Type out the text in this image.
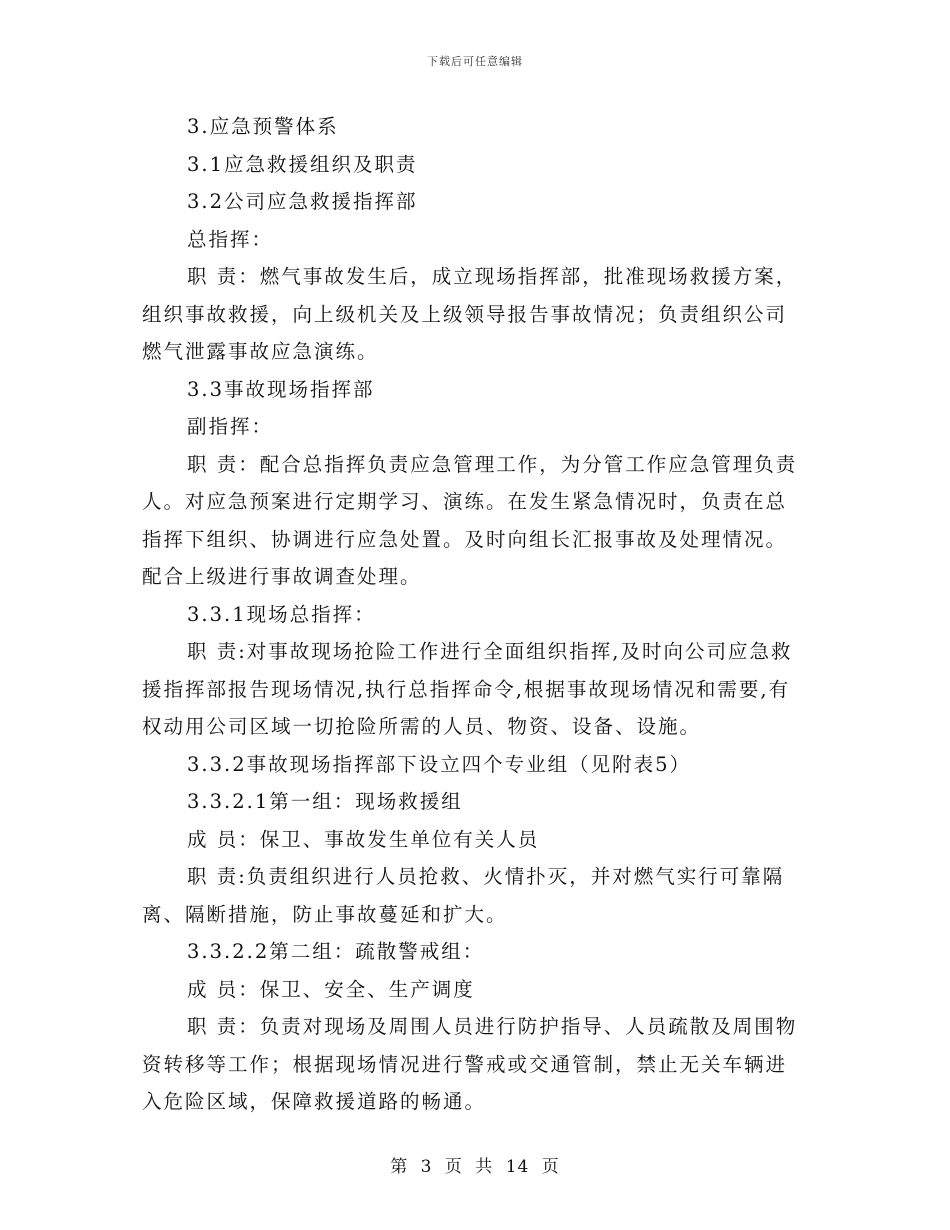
下载后可任意编辑

3.应急预警体系

3.1应急救援组织及职责

3.2公司应急救援指挥部

总指挥：

职 责：燃气事故发生后，成立现场指挥部，批准现场救援方案，组织事故救援，向上级机关及上级领导报告事故情况；负责组织公司燃气泄露事故应急演练。

3.3事故现场指挥部

副指挥：

职 责：配合总指挥负责应急管理工作，为分管工作应急管理负责人。对应急预案进行定期学习、演练。在发生紧急情况时，负责在总指挥下组织、协调进行应急处置。及时向组长汇报事故及处理情况。

配合上级进行事故调查处理。

3.3.1现场总指挥：

职 责:对事故现场抢险工作进行全面组织指挥,及时向公司应急救援指挥部报告现场情况,执行总指挥命令,根据事故现场情况和需要,有权动用公司区域一切抢险所需的人员、物资、设备、设施。

3.3.2事故现场指挥部下设立四个专业组（见附表5）

3.3.2.1第一组：现场救援组

成 员：保卫、事故发生单位有关人员

职 责:负责组织进行人员抢救、火情扑灭，并对燃气实行可靠隔离、隔断措施，防止事故蔓延和扩大。

3.3.2.2第二组：疏散警戒组：

成 员：保卫、安全、生产调度

职 责：负责对现场及周围人员进行防护指导、人员疏散及周围物资转移等工作；根据现场情况进行警戒或交通管制，禁止无关车辆进入危险区域，保障救援道路的畅通。

第 3 页 共 14 页
